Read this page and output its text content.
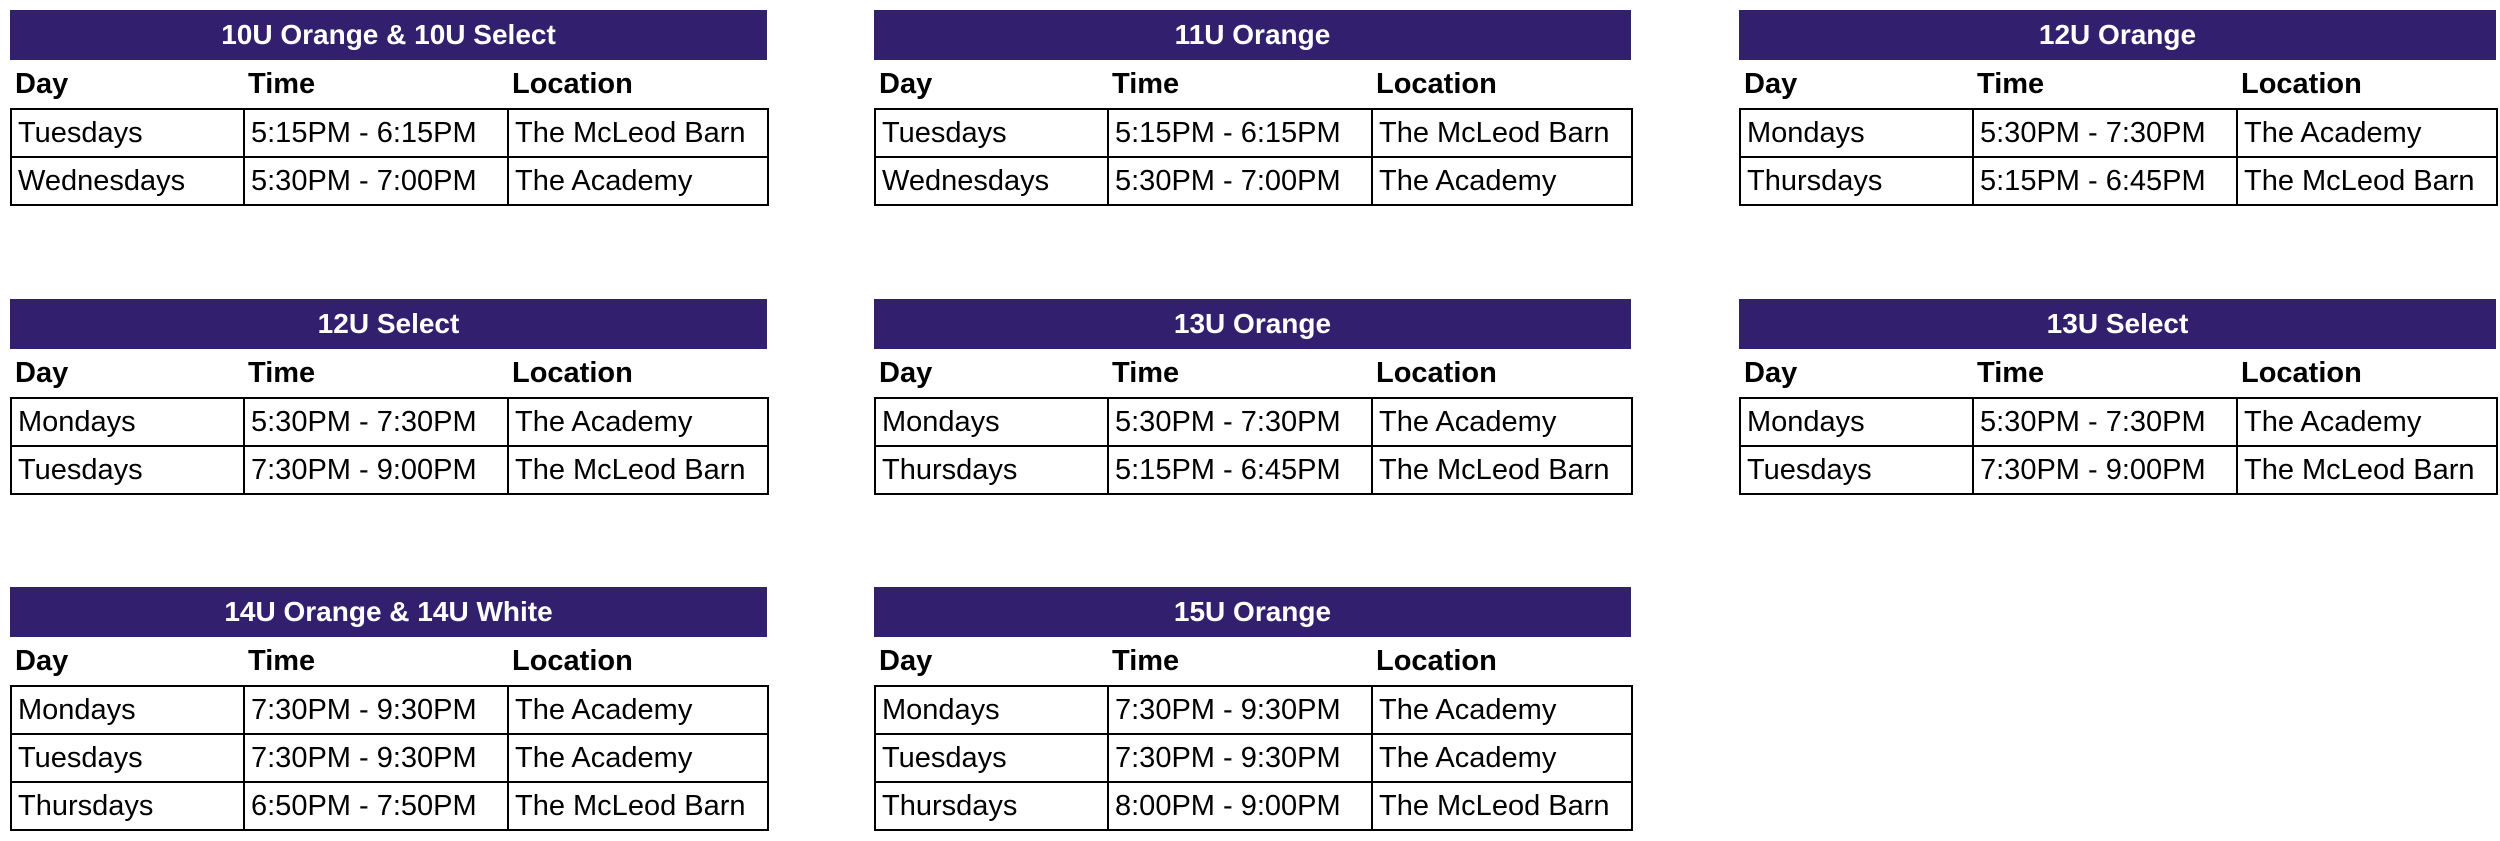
10U Orange & 10U Select
Day	Time	Location
Tuesdays	5:15PM - 6:15PM	The McLeod Barn
Wednesdays	5:30PM - 7:00PM	The Academy
11U Orange
Day	Time	Location
Tuesdays	5:15PM - 6:15PM	The McLeod Barn
Wednesdays	5:30PM - 7:00PM	The Academy
12U Orange
Day	Time	Location
Mondays	5:30PM - 7:30PM	The Academy
Thursdays	5:15PM - 6:45PM	The McLeod Barn
12U Select
Day	Time	Location
Mondays	5:30PM - 7:30PM	The Academy
Tuesdays	7:30PM - 9:00PM	The McLeod Barn
13U Orange
Day	Time	Location
Mondays	5:30PM - 7:30PM	The Academy
Thursdays	5:15PM - 6:45PM	The McLeod Barn
13U Select
Day	Time	Location
Mondays	5:30PM - 7:30PM	The Academy
Tuesdays	7:30PM - 9:00PM	The McLeod Barn
14U Orange & 14U White
Day	Time	Location
Mondays	7:30PM - 9:30PM	The Academy
Tuesdays	7:30PM - 9:30PM	The Academy
Thursdays	6:50PM - 7:50PM	The McLeod Barn
15U Orange
Day	Time	Location
Mondays	7:30PM - 9:30PM	The Academy
Tuesdays	7:30PM - 9:30PM	The Academy
Thursdays	8:00PM - 9:00PM	The McLeod Barn
